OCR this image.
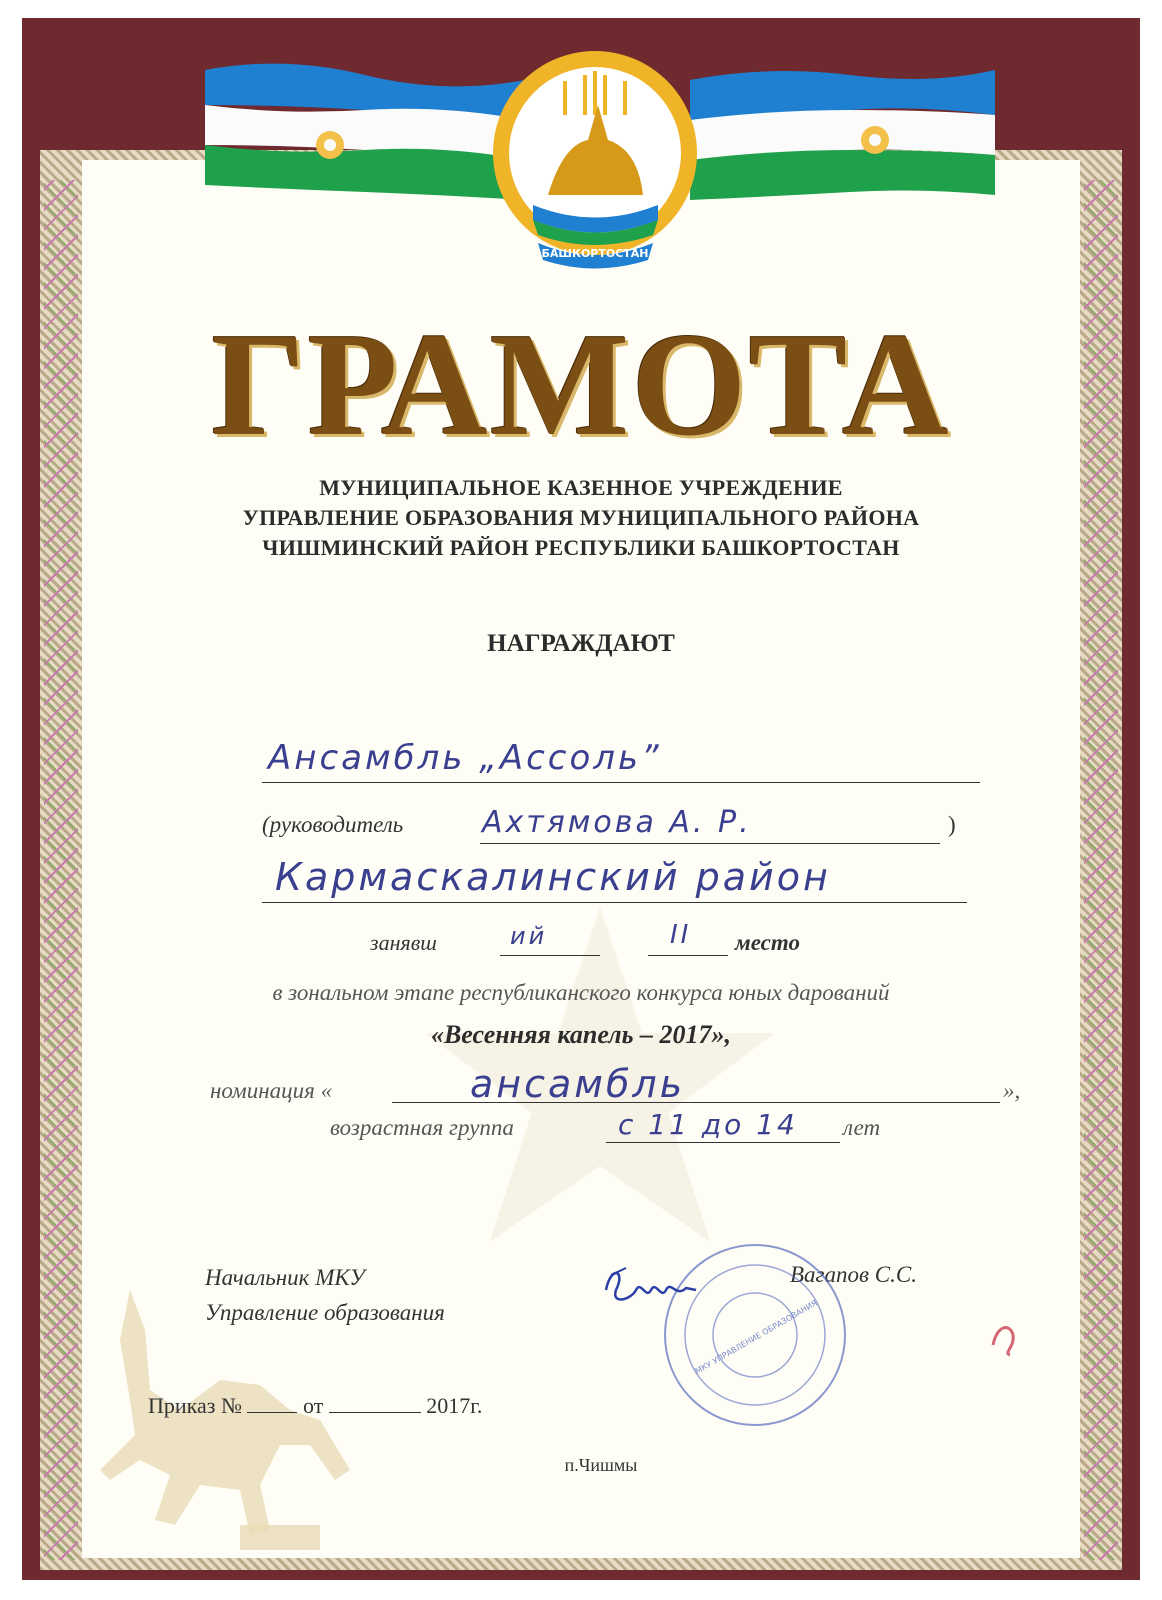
БАШКОРТОСТАН
ГРАМОТА
МУНИЦИПАЛЬНОЕ КАЗЕННОЕ УЧРЕЖДЕНИЕ
УПРАВЛЕНИЕ ОБРАЗОВАНИЯ МУНИЦИПАЛЬНОГО РАЙОНА
ЧИШМИНСКИЙ РАЙОН РЕСПУБЛИКИ БАШКОРТОСТАН
НАГРАЖДАЮТ
Ансамбль „Ассоль”
(руководитель	Ахтямова А. Р.	)
Кармаскалинский район
занявш	ий	II место
в зональном этапе республиканского конкурса юных дарований
«Весенняя капель – 2017»,
номинация «	ансамбль	»,
возрастная группа	с 11 до 14 лет
Начальник МКУ
Управление образования
Вагапов С.С.
МКУ УПРАВЛЕНИЕ ОБРАЗОВАНИЯ
Приказ №	от	2017г.
п.Чишмы
